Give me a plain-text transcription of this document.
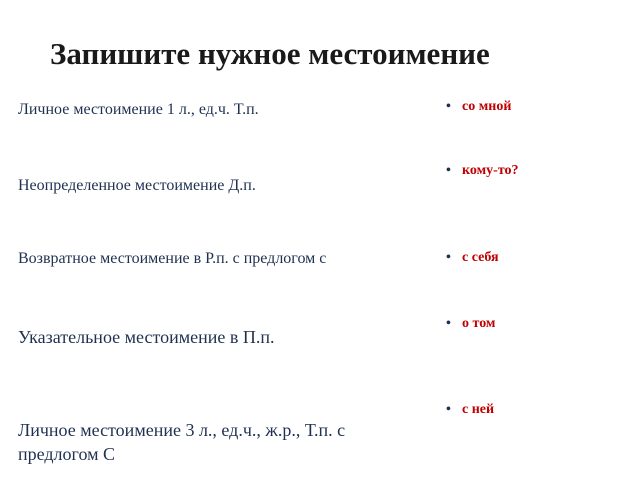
Запишите нужное местоимение
Личное местоимение 1 л., ед.ч. Т.п.
Неопределенное местоимение Д.п.
Возвратное местоимение в Р.п. с предлогом с
Указательное местоимение в П.п.
Личное местоимение 3 л., ед.ч., ж.р., Т.п. с предлогом С
• со мной
• кому-то?
• с себя
• о том
• с ней
